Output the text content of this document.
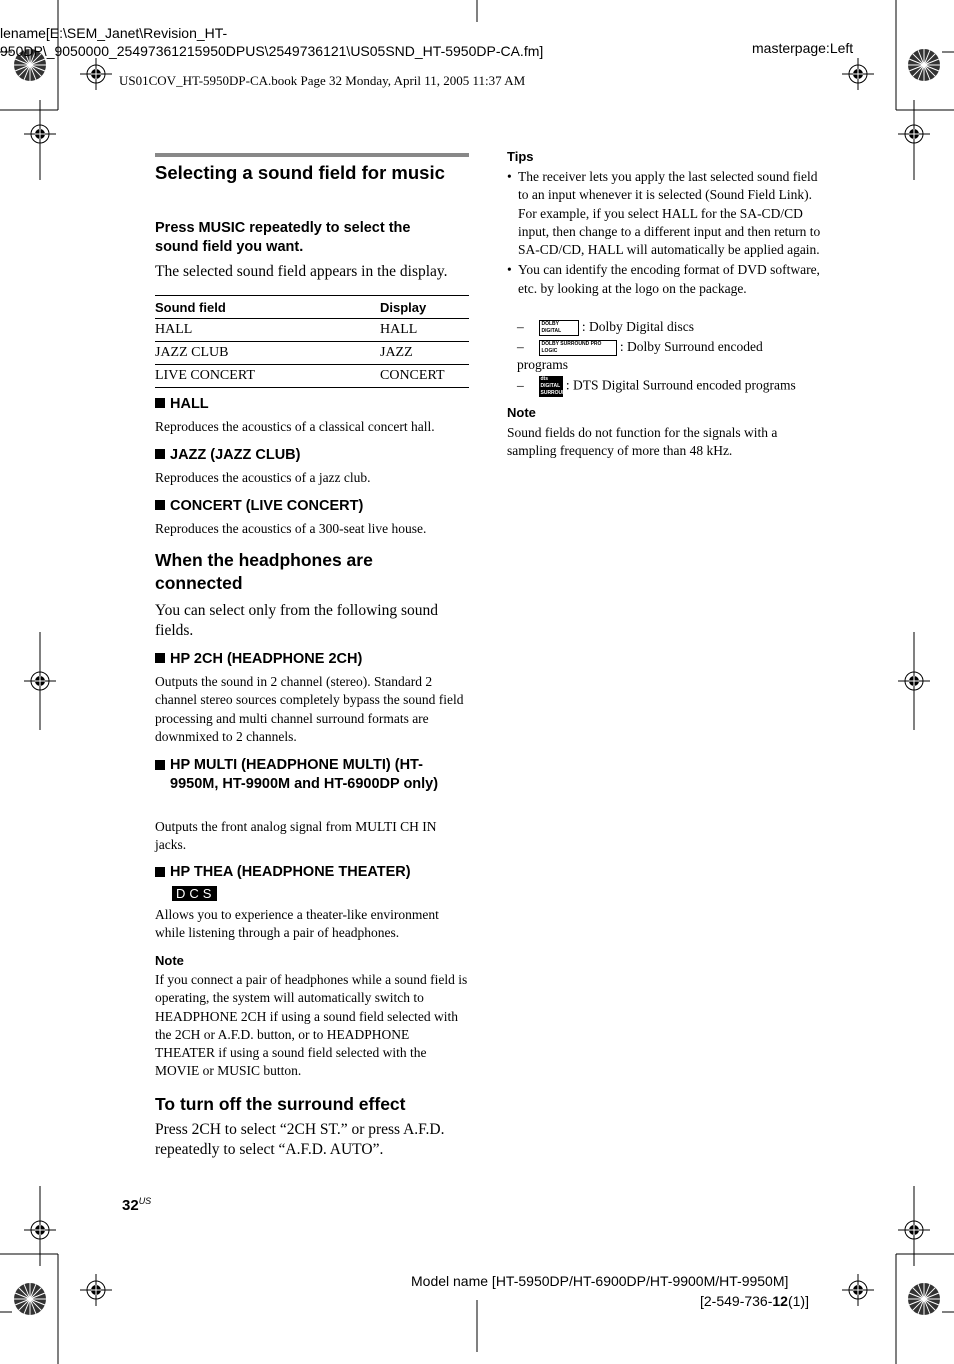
lename[E:\SEM_Janet\Revision_HT-
950DP\_9050000_25497361215950DPUS\2549736121\US05SND_HT-5950DP-CA.fm]	masterpage:Left
US01COV_HT-5950DP-CA.book Page 32 Monday, April 11, 2005 11:37 AM
Selecting a sound field for music
Press MUSIC repeatedly to select the sound field you want.
The selected sound field appears in the display.
Sound field	Display
HALL	HALL
JAZZ CLUB	JAZZ
LIVE CONCERT	CONCERT
HALL
Reproduces the acoustics of a classical concert hall.
JAZZ (JAZZ CLUB)
Reproduces the acoustics of a jazz club.
CONCERT (LIVE CONCERT)
Reproduces the acoustics of a 300-seat live house.
When the headphones are connected
You can select only from the following sound fields.
HP 2CH (HEADPHONE 2CH)
Outputs the sound in 2 channel (stereo). Standard 2 channel stereo sources completely bypass the sound field processing and multi channel surround formats are downmixed to 2 channels.
HP MULTI (HEADPHONE MULTI) (HT-9950M, HT-9900M and HT-6900DP only)
Outputs the front analog signal from MULTI CH IN jacks.
HP THEA (HEADPHONE THEATER)
DCS
Allows you to experience a theater-like environment while listening through a pair of headphones.
Note
If you connect a pair of headphones while a sound field is operating, the system will automatically switch to HEADPHONE 2CH if using a sound field selected with the 2CH or A.F.D. button, or to HEADPHONE THEATER if using a sound field selected with the MOVIE or MUSIC button.
To turn off the surround effect
Press 2CH to select “2CH ST.” or press A.F.D. repeatedly to select “A.F.D. AUTO”.
Tips
• The receiver lets you apply the last selected sound field to an input whenever it is selected (Sound Field Link). For example, if you select HALL for the SA-CD/CD input, then change to a different input and then return to SA-CD/CD, HALL will automatically be applied again.
• You can identify the encoding format of DVD software, etc. by looking at the logo on the package.
–	DOLBY DIGITAL : Dolby Digital discs
–	DOLBY SURROUND PRO LOGIC	: Dolby Surround encoded programs
–	dts DIGITAL SURROUND : DTS Digital Surround encoded programs
Note
Sound fields do not function for the signals with a sampling frequency of more than 48 kHz.
$32^{US}$
Model name [HT-5950DP/HT-6900DP/HT-9900M/HT-9950M]
[2-549-736-12(1)]
